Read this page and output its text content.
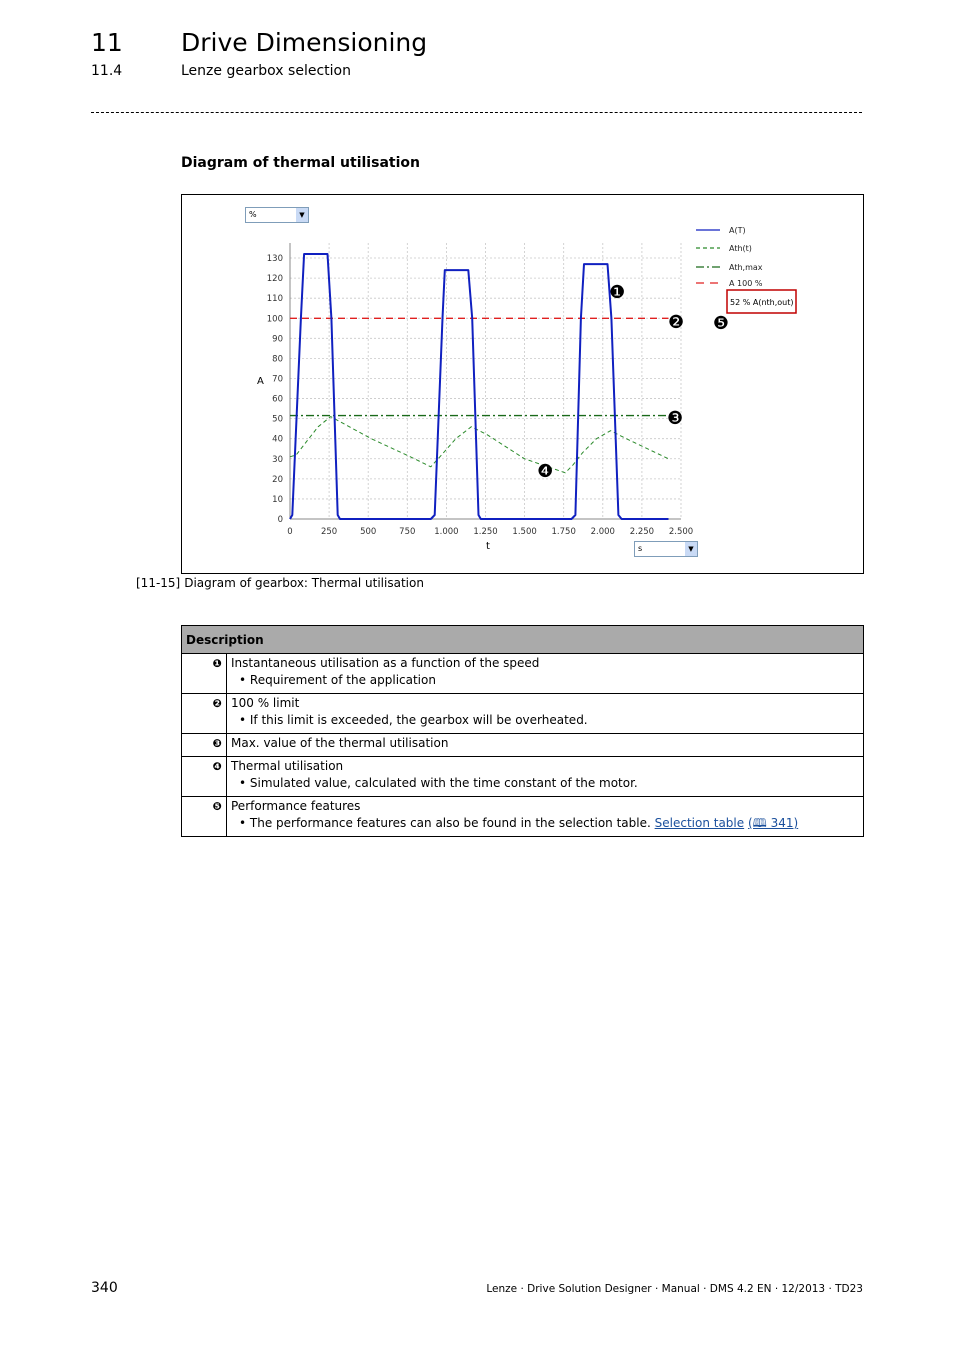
11 Drive Dimensioning
11.4	Lenze gearbox selection
Diagram of thermal utilisation
0
10
20
30
40
50
60
70
80
90
100
110
120
130
0	250	500	750 1.000 1.250 1.500 1.750 2.000 2.250 2.500
A
t
A(T)
Ath(t)
Ath,max
A 100 %
52 % A(nth,out)
❶
❷ ❺
❸
❹
%	▼
s	▼
[11-15] Diagram of gearbox: Thermal utilisation
Description	
❶	Instantaneous utilisation as a function of the speed
• Requirement of the application

❷	100 % limit
• If this limit is exceeded, the gearbox will be overheated.

❸	Max. value of the thermal utilisation

❹	Thermal utilisation
• Simulated value, calculated with the time constant of the motor.

❺	Performance features
• The performance features can also be found in the selection table. Selection table (🕮 341)
340	Lenze · Drive Solution Designer · Manual · DMS 4.2 EN · 12/2013 · TD23
